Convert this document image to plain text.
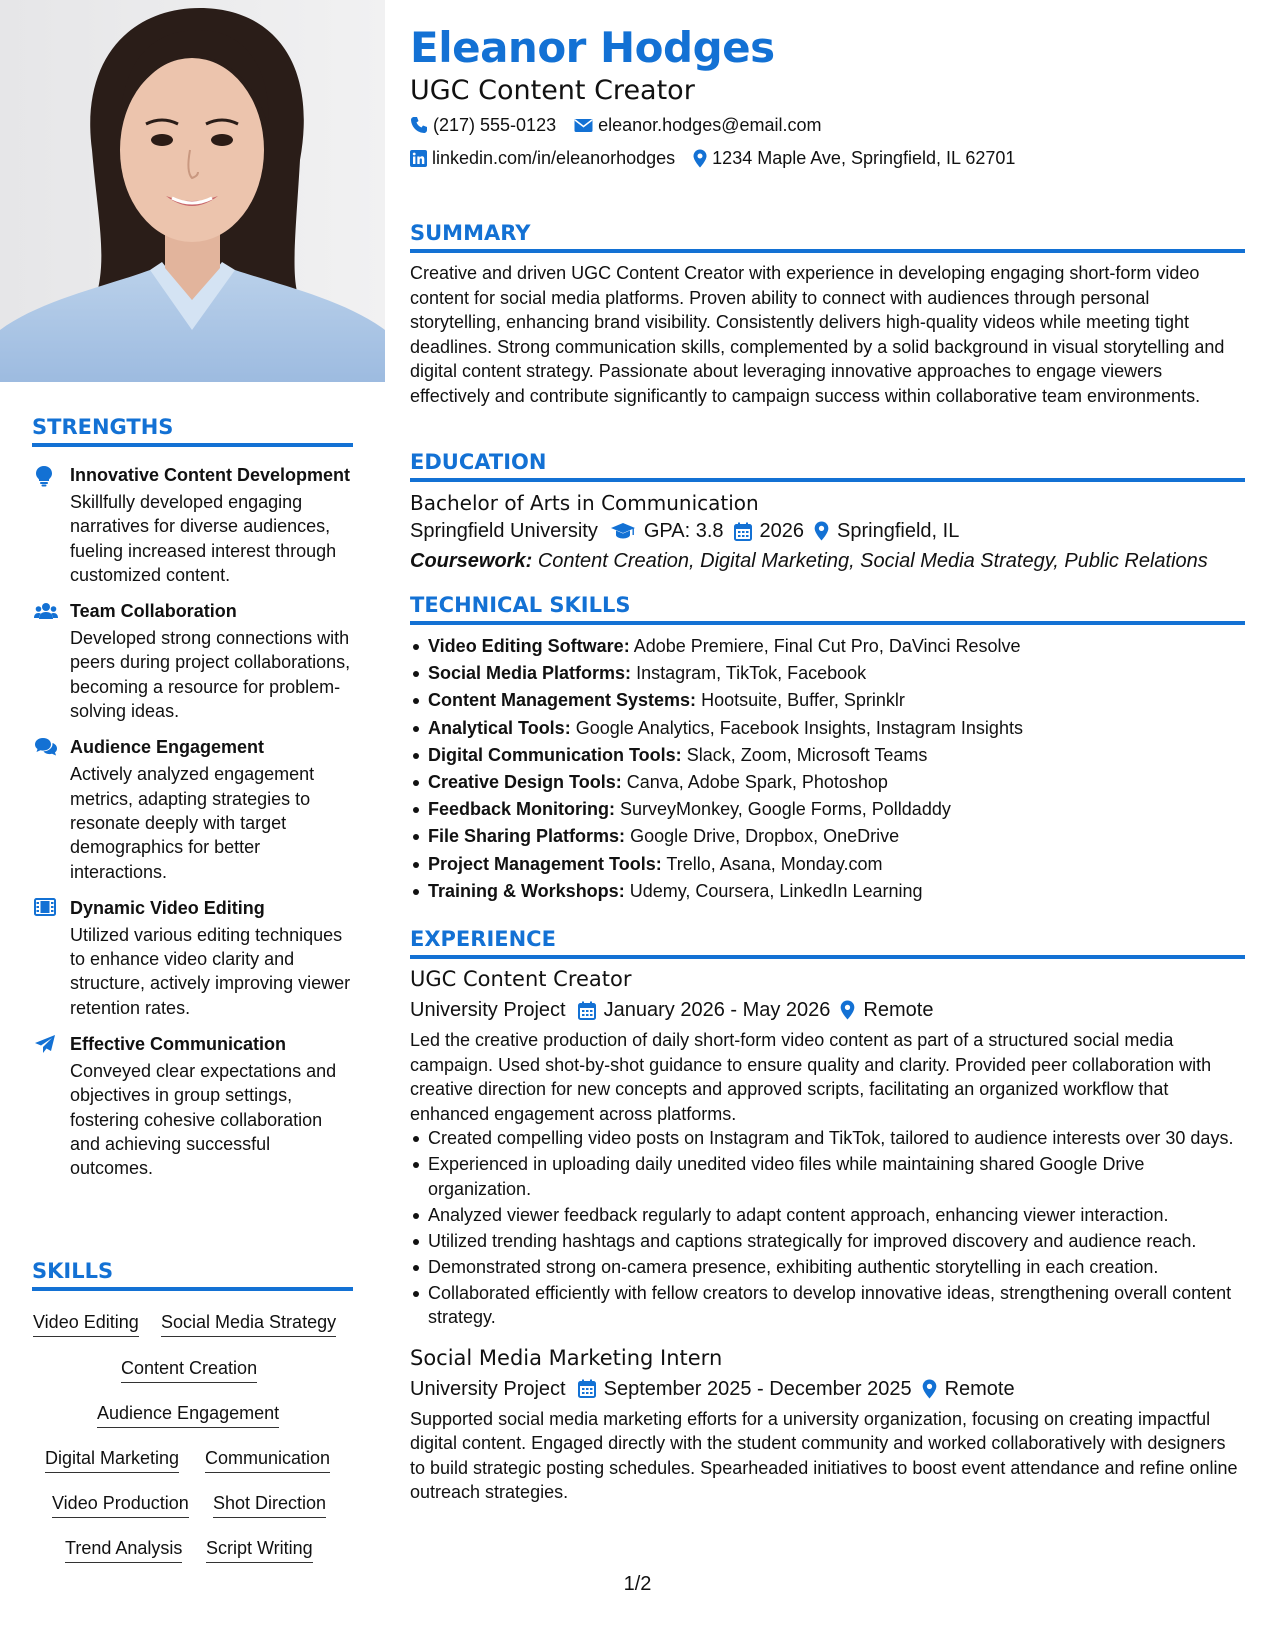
STRENGTHS
Innovative Content Development
Skillfully developed engaging narratives for diverse audiences, fueling increased interest through customized content.
Team Collaboration
Developed strong connections with peers during project collaborations, becoming a resource for problem-solving ideas.
Audience Engagement
Actively analyzed engagement metrics, adapting strategies to resonate deeply with target demographics for better interactions.
Dynamic Video Editing
Utilized various editing techniques to enhance video clarity and structure, actively improving viewer retention rates.
Effective Communication
Conveyed clear expectations and objectives in group settings, fostering cohesive collaboration and achieving successful outcomes.
SKILLS
Video Editing Social Media Strategy
Content Creation
Audience Engagement
Digital Marketing Communication
Video Production Shot Direction
Trend Analysis Script Writing
Eleanor Hodges
UGC Content Creator
(217) 555-0123 eleanor.hodges@email.com
linkedin.com/in/eleanorhodges 1234 Maple Ave, Springfield, IL 62701
SUMMARY
Creative and driven UGC Content Creator with experience in developing engaging short-form video content for social media platforms. Proven ability to connect with audiences through personal storytelling, enhancing brand visibility. Consistently delivers high-quality videos while meeting tight deadlines. Strong communication skills, complemented by a solid background in visual storytelling and digital content strategy. Passionate about leveraging innovative approaches to engage viewers effectively and contribute significantly to campaign success within collaborative team environments.
EDUCATION
Bachelor of Arts in Communication
Springfield University GPA: 3.8 2026 Springfield, IL
Coursework: Content Creation, Digital Marketing, Social Media Strategy, Public Relations
TECHNICAL SKILLS
Video Editing Software: Adobe Premiere, Final Cut Pro, DaVinci Resolve
Social Media Platforms: Instagram, TikTok, Facebook
Content Management Systems: Hootsuite, Buffer, Sprinklr
Analytical Tools: Google Analytics, Facebook Insights, Instagram Insights
Digital Communication Tools: Slack, Zoom, Microsoft Teams
Creative Design Tools: Canva, Adobe Spark, Photoshop
Feedback Monitoring: SurveyMonkey, Google Forms, Polldaddy
File Sharing Platforms: Google Drive, Dropbox, OneDrive
Project Management Tools: Trello, Asana, Monday.com
Training & Workshops: Udemy, Coursera, LinkedIn Learning
EXPERIENCE
UGC Content Creator
University Project January 2026 - May 2026 Remote
Led the creative production of daily short-form video content as part of a structured social media campaign. Used shot-by-shot guidance to ensure quality and clarity. Provided peer collaboration with creative direction for new concepts and approved scripts, facilitating an organized workflow that enhanced engagement across platforms.
Created compelling video posts on Instagram and TikTok, tailored to audience interests over 30 days.
Experienced in uploading daily unedited video files while maintaining shared Google Drive organization.
Analyzed viewer feedback regularly to adapt content approach, enhancing viewer interaction.
Utilized trending hashtags and captions strategically for improved discovery and audience reach.
Demonstrated strong on-camera presence, exhibiting authentic storytelling in each creation.
Collaborated efficiently with fellow creators to develop innovative ideas, strengthening overall content strategy.
Social Media Marketing Intern
University Project September 2025 - December 2025 Remote
Supported social media marketing efforts for a university organization, focusing on creating impactful digital content. Engaged directly with the student community and worked collaboratively with designers to build strategic posting schedules. Spearheaded initiatives to boost event attendance and refine online outreach strategies.
1/2
